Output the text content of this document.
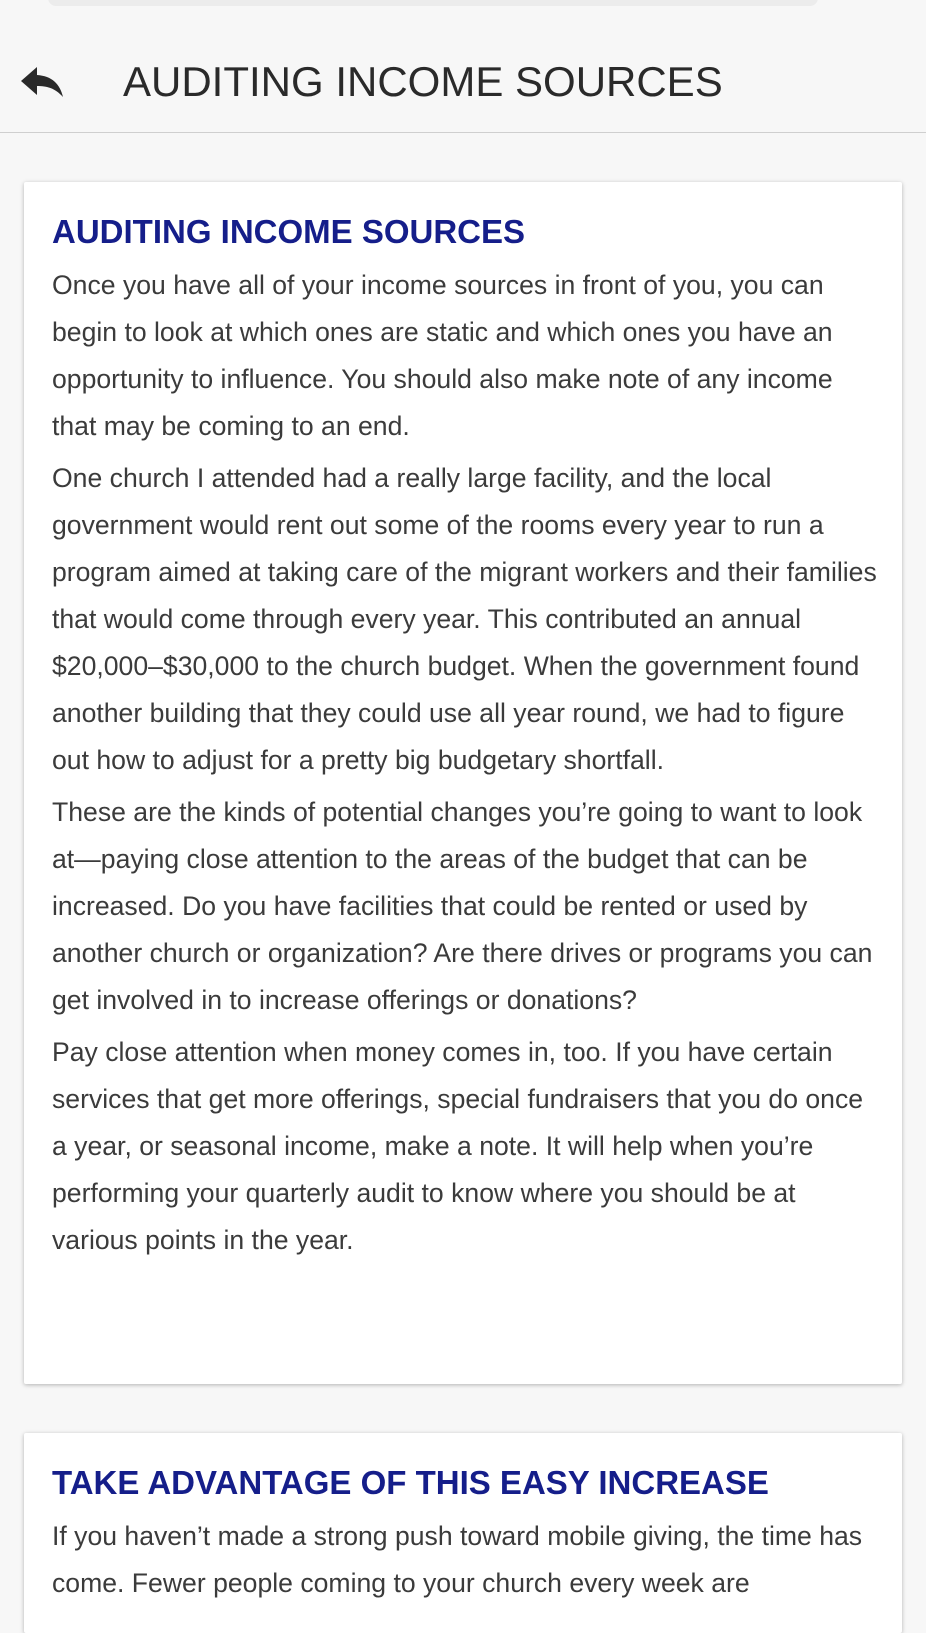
AUDITING INCOME SOURCES
AUDITING INCOME SOURCES

Once you have all of your income sources in front of you, you can begin to look at which ones are static and which ones you have an opportunity to influence. You should also make note of any income that may be coming to an end.

One church I attended had a really large facility, and the local government would rent out some of the rooms every year to run a program aimed at taking care of the migrant workers and their families that would come through every year. This contributed an annual $20,000–$30,000 to the church budget. When the government found another building that they could use all year round, we had to figure out how to adjust for a pretty big budgetary shortfall.

These are the kinds of potential changes you’re going to want to look at—paying close attention to the areas of the budget that can be increased. Do you have facilities that could be rented or used by another church or organization? Are there drives or programs you can get involved in to increase offerings or donations?

Pay close attention when money comes in, too. If you have certain services that get more offerings, special fundraisers that you do once a year, or seasonal income, make a note. It will help when you’re performing your quarterly audit to know where you should be at various points in the year.

TAKE ADVANTAGE OF THIS EASY INCREASE

If you haven’t made a strong push toward mobile giving, the time has come. Fewer people coming to your church every week are
